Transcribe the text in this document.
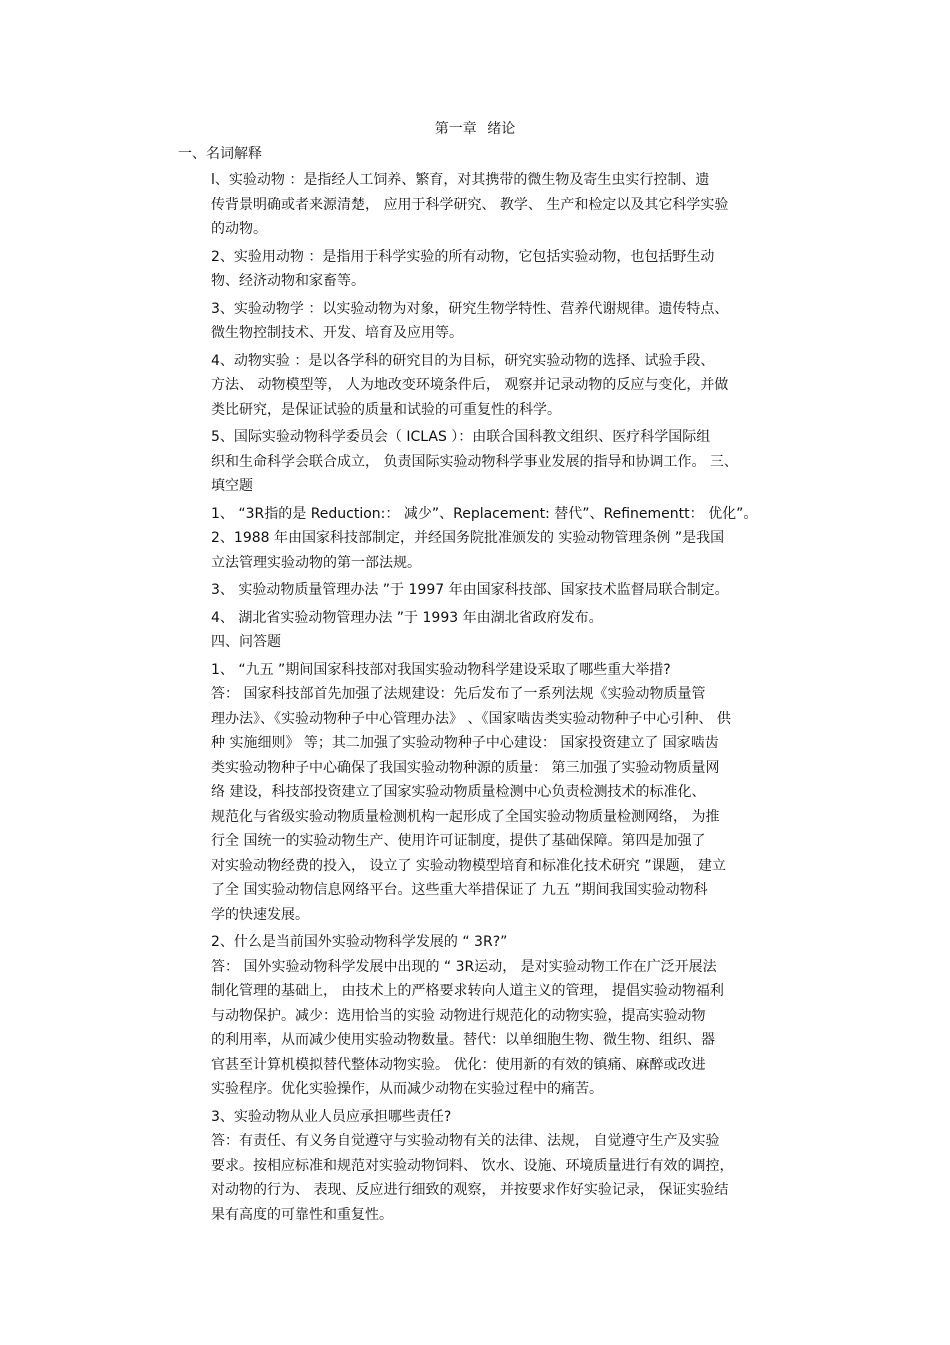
第一章 绪论
一、名词解释
l、实验动物 ：是指经人工饲养、繁育，对其携带的微生物及寄生虫实行控制、遗
传背景明确或者来源清楚， 应用于科学研究、 教学、 生产和检定以及其它科学实验
的动物。
2、实验用动物 ：是指用于科学实验的所有动物，它包括实验动物，也包括野生动
物、经济动物和家畜等。
3、实验动物学 ：以实验动物为对象，研究生物学特性、营养代谢规律。遗传特点、
微生物控制技术、开发、培育及应用等。
4、动物实验 ：是以各学科的研究目的为目标，研究实验动物的选择、试验手段、
方法、 动物模型等， 人为地改变环境条件后， 观察并记录动物的反应与变化，并做
类比研究，是保证试验的质量和试验的可重复性的科学。
5、国际实验动物科学委员会（ ICLAS ）：由联合国科教文组织、医疗科学国际组
织和生命科学会联合成立， 负责国际实验动物科学事业发展的指导和协调工作。 三、
填空题
1、 “3R指的是 Reduction:： 减少”、Replacement: 替代”、Refinementt： 优化”。
2、1988 年由国家科技部制定，并经国务院批准颁发的 实验动物管理条例 ”是我国
立法管理实验动物的第一部法规。
3、 实验动物质量管理办法 ”于 1997 年由国家科技部、国家技术监督局联合制定。
4、 湖北省实验动物管理办法 ”于 1993 年由湖北省政府发布。
四、问答题
1、 “九五 ”期间国家科技部对我国实验动物科学建设采取了哪些重大举措?
答： 国家科技部首先加强了法规建设：先后发布了一系列法规《实验动物质量管
理办法》、《实验动物种子中心管理办法》 、《国家啮齿类实验动物种子中心引种、 供
种 实施细则》 等；其二加强了实验动物种子中心建设： 国家投资建立了 国家啮齿
类实验动物种子中心确保了我国实验动物种源的质量： 第三加强了实验动物质量网
络 建设，科技部投资建立了国家实验动物质量检测中心负责检测技术的标准化、
规范化与省级实验动物质量检测机构一起形成了全国实验动物质量检测网络， 为推
行全 国统一的实验动物生产、使用许可证制度，提供了基础保障。第四是加强了
对实验动物经费的投入， 设立了 实验动物模型培育和标准化技术研究 ”课题， 建立
了全 国实验动物信息网络平台。这些重大举措保证了 九五 ”期间我国实验动物科
学的快速发展。
2、什么是当前国外实验动物科学发展的 “ 3R?”
答： 国外实验动物科学发展中出现的 “ 3R运动， 是对实验动物工作在广泛开展法
制化管理的基础上， 由技术上的严格要求转向人道主义的管理， 提倡实验动物福利
与动物保护。减少：选用恰当的实验 动物进行规范化的动物实验，提高实验动物
的利用率，从而减少使用实验动物数量。替代：以单细胞生物、微生物、组织、器
官甚至计算机模拟替代整体动物实验。 优化：使用新的有效的镇痛、麻醉或改进
实验程序。优化实验操作，从而减少动物在实验过程中的痛苦。
3、实验动物从业人员应承担哪些责任?
答：有责任、有义务自觉遵守与实验动物有关的法律、法规， 自觉遵守生产及实验
要求。按相应标准和规范对实验动物饲料、 饮水、设施、环境质量进行有效的调控，
对动物的行为、 表现、反应进行细致的观察， 并按要求作好实验记录， 保证实验结
果有高度的可靠性和重复性。
